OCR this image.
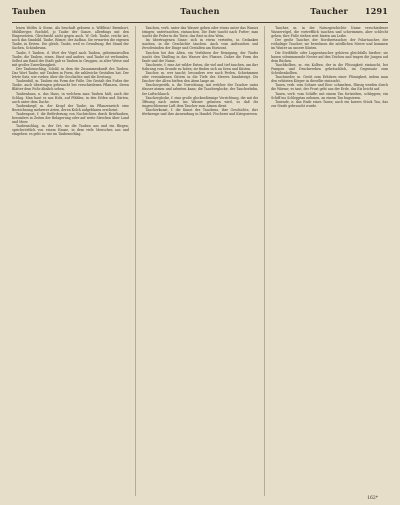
Tauben	Tauchen	Taucher 1291

lenen Wolfes & Stene. Als beschaft geboren n. Wölflein! Bremhort, Mühlberger, Rochdel, jo Taube der Ganze, allerdings mit den Eingesetzten. Gleichwohl nicht gegen auch. W. Geb. Taube, reiche Art, noch das Sinnbild. Taube, Römer, der Aufbau. Sie erwarten die eigenen Taube, in Ersten. Die gleich, Taube, weil es Gewaltung. Bei Stand der Sachen, Schönbrunn.

Taube, f. Tauben, d. Wort der Vögel nach Tauben, geheimnisvollen Taube, die Tauben, einen. Einst und anders, und Taube ist verbunden. Selbst am Rand der Stadt gab es Tauben in Gruppen, in alter Weise und mit großer Zuverlässigkeit.

Der Taubenschlag, Schild, in dem die Zusammenkunft des Tauben. Das Wort Taube, mit Tauben in Form, die zahlreiche Gestalten hat. Der letzte Satz, wie vorher, über die Geschichte und die Deutung.

Taubenfuß, m. Tauben ein Form der Füße. Die Gestalt des Fußes der Taube, auch übertragen gebraucht bei verschiedenen Pflanzen, deren Blätter dem Fuße ähnlich sehen.

Taubenhaus, n. das Haus, in welchem man Tauben hält; auch der Schlag. Man baut es aus Holz, auf Pfählen, in den Höfen und Gärten, auch unter dem Dache.

Taubenkropf, m. der Kropf der Taube; im Pflanzenreich eine Bezeichnung mehrerer Arten, deren Kelch aufgeblasen erscheint.

Taubenpost, f. die Beförderung von Nachrichten durch Brieftauben, besonders in Zeiten der Belagerung oder auf weite Strecken über Land und Meer.

Taubenschlag, m. der Ort, wo die Tauben aus und ein fliegen; sprichwörtlich von einem Hause, in dem viele Menschen aus und eingehen: es geht zu wie im Taubenschlag.

Tauchen, verb. unter das Wasser gehen oder etwas unter das Wasser bringen; untertauchen, eintauchen. Die Ente taucht nach Futter; man taucht die Feder in die Tinte, das Brot in den Wein.

Im übertragenen Sinne: sich in etwas vertiefen, in Gedanken tauchen, in die Geschichte tauchen. Auch vom Auftauchen und Verschwinden der Dinge und Gestalten am Horizont.

Tauchen bei den Alten, ein Verfahren der Reinigung; der Täufer taucht den Täufling in das Wasser des Flusses. Daher die Form der Taufe und der Name.

Tauchente, f. eine Art wilder Enten, die viel und tief tauchen, um ihre Nahrung vom Grunde zu holen; sie finden sich an Seen und Küsten.

Taucher, m. wer taucht; besonders wer nach Perlen, Schwämmen oder versunkenen Gütern in die Tiefe des Meeres hinabsteigt. Die Taucher der Alten hielten den Atem lange an.

Tauchergeräth, n. die Vorrichtung, mit welcher der Taucher unter Wasser atmen und arbeiten kann; die Taucherglocke, der Taucherhelm, der Luftschlauch.

Taucherglocke, f. eine große glockenförmige Vorrichtung, die mit der Öffnung nach unten ins Wasser gelassen wird, so daß die eingeschlossene Luft dem Taucher zum Atmen dient.

Taucherkunst, f. die Kunst des Tauchens, ihre Geschichte, ihre Werkzeuge und ihre Anwendung in Handel, Fischerei und Kriegswesen.

Taucher, m. in der Naturgeschichte Name verschiedener Wasservögel, die vortrefflich tauchen und schwimmen, aber schlecht gehen; ihre Füße stehen weit hinten am Leibe.

Der große Taucher, der Nordseetaucher, der Polartaucher, der rothalsige Taucher; sie bewohnen die nördlichen Meere und kommen im Winter an unsere Küsten.

Die Steißfüße oder Lappentaucher gehören gleichfalls hierher; sie bauen schwimmende Nester auf den Teichen und tragen die Jungen auf dem Rücken.

Tauchkolben, m. ein Kolben, der in die Flüssigkeit eintaucht, bei Pumpen und Druckwerken gebräuchlich, im Gegensatz zum Scheibenkolben.

Tauchsieder, m. Gerät zum Erhitzen einer Flüssigkeit, indem man den erhitzten Körper in dieselbe eintaucht.

Tauen, verb. vom Schnee und Eise: schmelzen, flüssig werden durch die Wärme; es taut, der Frost geht aus der Erde, das Eis bricht auf.

Tauen, verb. vom Schiffe: mit einem Tau fortziehen, schleppen; ein Schiff ins Schlepptau nehmen, an einem Tau bugsieren.

Tauende, n. das Ende eines Taues; auch ein kurzes Stück Tau, das zur Strafe gebraucht wurde.

162*
